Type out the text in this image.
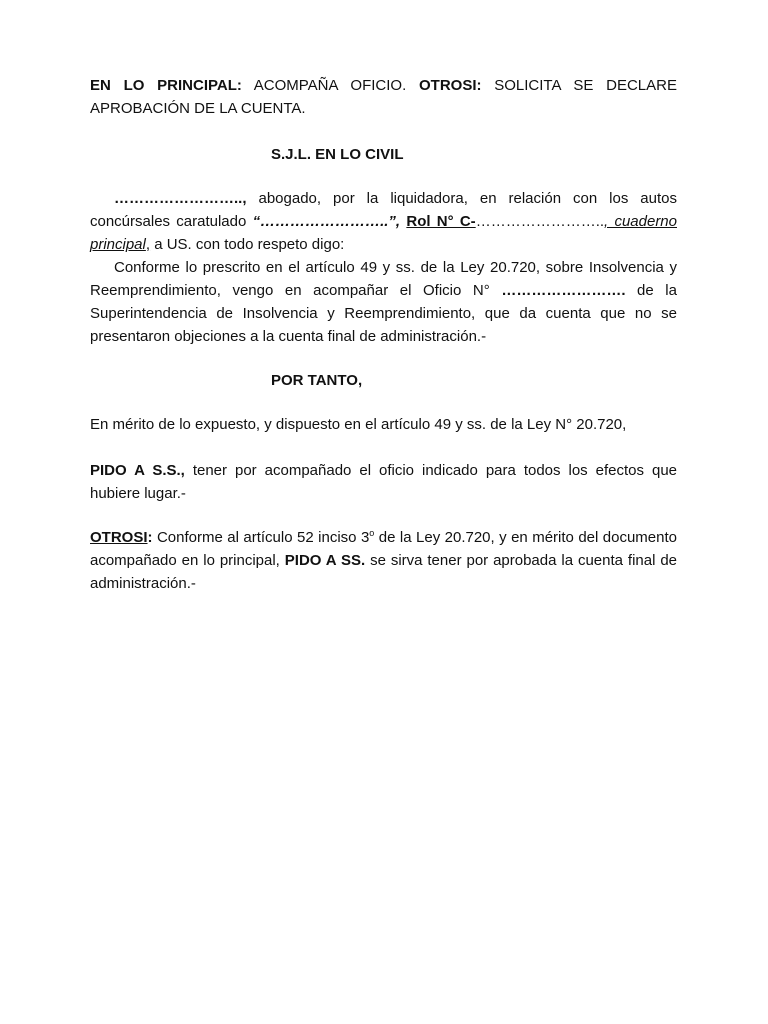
EN LO PRINCIPAL: ACOMPAÑA OFICIO. OTROSI: SOLICITA SE DECLARE APROBACIÓN DE LA CUENTA.

S.J.L. EN LO CIVIL

…………………….., abogado, por la liquidadora, en relación con los autos concúrsales caratulado “……………………..”, Rol N° C-…………………….., cuaderno principal, a US. con todo respeto digo:

Conforme lo prescrito en el artículo 49 y ss. de la Ley 20.720, sobre Insolvencia y Reemprendimiento, vengo en acompañar el Oficio N° ……………………. de la Superintendencia de Insolvencia y Reemprendimiento, que da cuenta que no se presentaron objeciones a la cuenta final de administración.-

POR TANTO,

En mérito de lo expuesto, y dispuesto en el artículo 49 y ss. de la Ley N° 20.720,

PIDO A S.S., tener por acompañado el oficio indicado para todos los efectos que hubiere lugar.-

OTROSI: Conforme al artículo 52 inciso 3$^o$ de la Ley 20.720, y en mérito del documento acompañado en lo principal, PIDO A SS. se sirva tener por aprobada la cuenta final de administración.-
